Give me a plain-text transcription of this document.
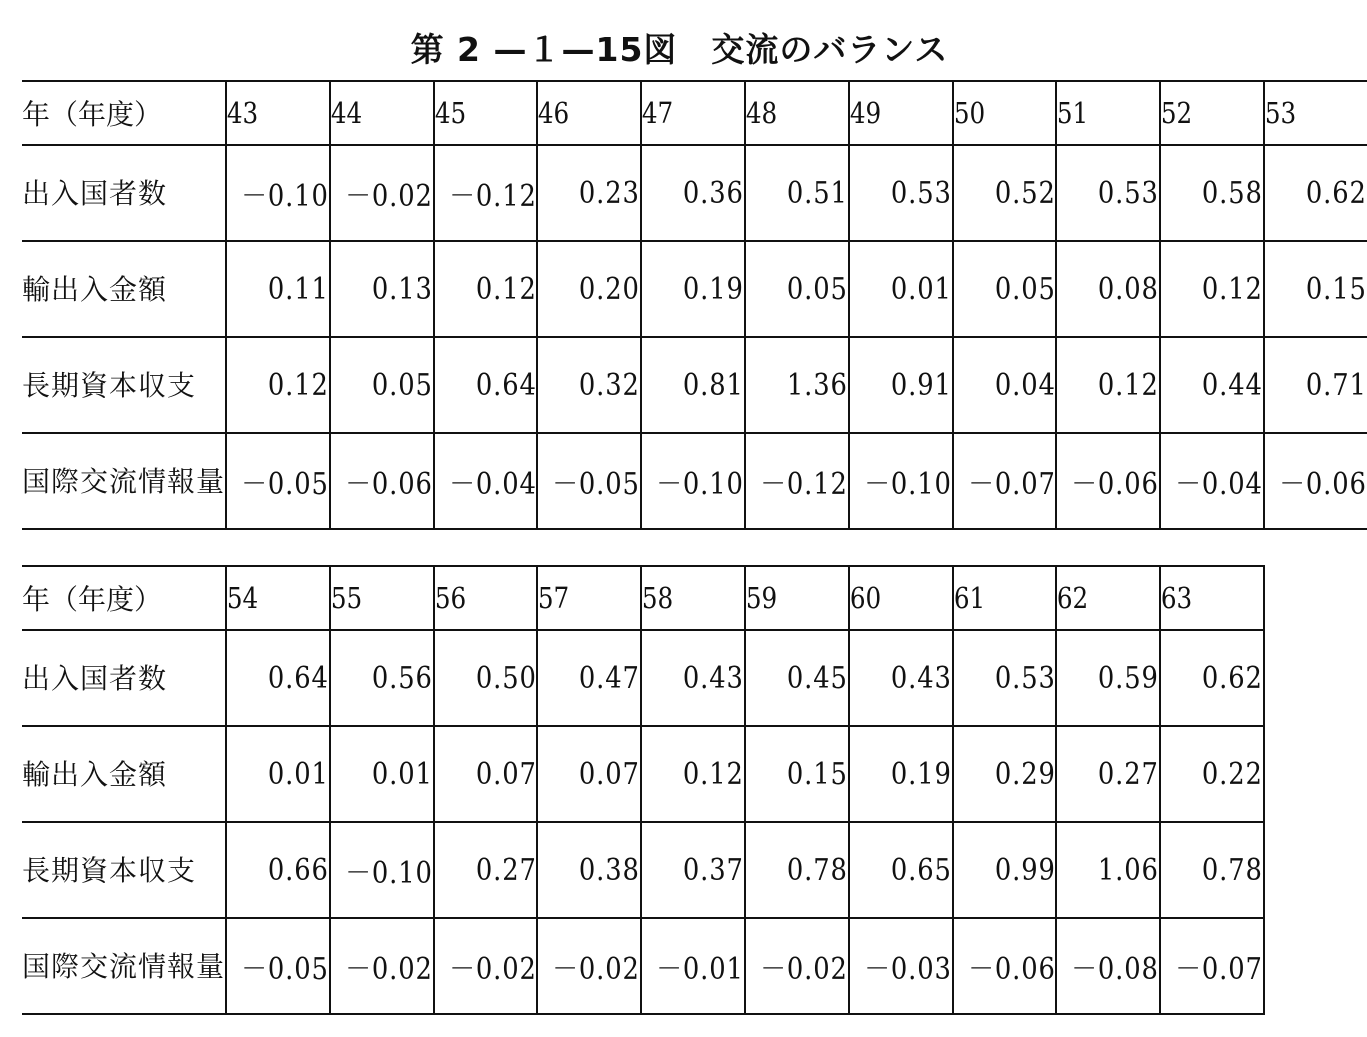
第 2 —１—15図　交流のバランス
年（年度）	43	44	45	46	47	48	49	50	51	52	53
出入国者数	－0.10	－0.02	－0.12	0.23	0.36	0.51	0.53	0.52	0.53	0.58	0.62
輸出入金額	0.11	0.13	0.12	0.20	0.19	0.05	0.01	0.05	0.08	0.12	0.15
長期資本収支	0.12	0.05	0.64	0.32	0.81	1.36	0.91	0.04	0.12	0.44	0.71
国際交流情報量	－0.05	－0.06	－0.04	－0.05	－0.10	－0.12	－0.10	－0.07	－0.06	－0.04	－0.06
年（年度）	54	55	56	57	58	59	60	61	62	63
出入国者数	0.64	0.56	0.50	0.47	0.43	0.45	0.43	0.53	0.59	0.62
輸出入金額	0.01	0.01	0.07	0.07	0.12	0.15	0.19	0.29	0.27	0.22
長期資本収支	0.66	－0.10	0.27	0.38	0.37	0.78	0.65	0.99	1.06	0.78
国際交流情報量	－0.05	－0.02	－0.02	－0.02	－0.01	－0.02	－0.03	－0.06	－0.08	－0.07
